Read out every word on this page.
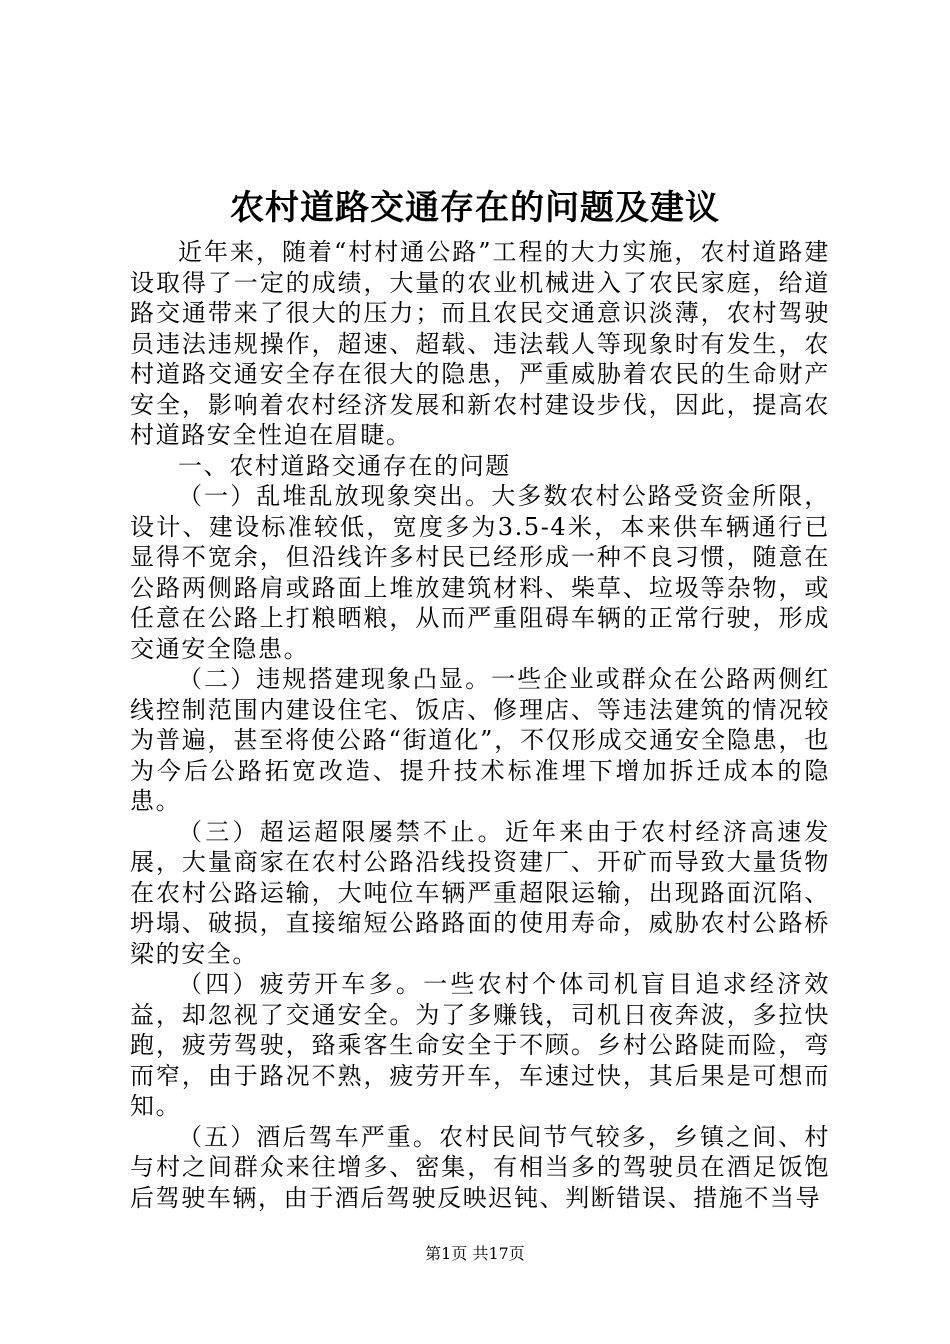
农村道路交通存在的问题及建议

近年来，随着“村村通公路”工程的大力实施，农村道路建设取得了一定的成绩，大量的农业机械进入了农民家庭，给道路交通带来了很大的压力；而且农民交通意识淡薄，农村驾驶员违法违规操作，超速、超载、违法载人等现象时有发生，农村道路交通安全存在很大的隐患，严重威胁着农民的生命财产安全，影响着农村经济发展和新农村建设步伐，因此，提高农村道路安全性迫在眉睫。

一、农村道路交通存在的问题

（一）乱堆乱放现象突出。大多数农村公路受资金所限，设计、建设标准较低，宽度多为3.5-4米，本来供车辆通行已显得不宽余，但沿线许多村民已经形成一种不良习惯，随意在公路两侧路肩或路面上堆放建筑材料、柴草、垃圾等杂物，或任意在公路上打粮晒粮，从而严重阻碍车辆的正常行驶，形成交通安全隐患。

（二）违规搭建现象凸显。一些企业或群众在公路两侧红线控制范围内建设住宅、饭店、修理店、等违法建筑的情况较为普遍，甚至将使公路“街道化”，不仅形成交通安全隐患，也为今后公路拓宽改造、提升技术标准埋下增加拆迁成本的隐患。

（三）超运超限屡禁不止。近年来由于农村经济高速发展，大量商家在农村公路沿线投资建厂、开矿而导致大量货物在农村公路运输，大吨位车辆严重超限运输，出现路面沉陷、坍塌、破损，直接缩短公路路面的使用寿命，威胁农村公路桥梁的安全。

（四）疲劳开车多。一些农村个体司机盲目追求经济效益，却忽视了交通安全。为了多赚钱，司机日夜奔波，多拉快跑，疲劳驾驶，臵乘客生命安全于不顾。乡村公路陡而险，弯而窄，由于路况不熟，疲劳开车，车速过快，其后果是可想而知。

（五）酒后驾车严重。农村民间节气较多，乡镇之间、村与村之间群众来往增多、密集，有相当多的驾驶员在酒足饭饱后驾驶车辆，由于酒后驾驶反映迟钝、判断错误、措施不当导

第1页 共17页
